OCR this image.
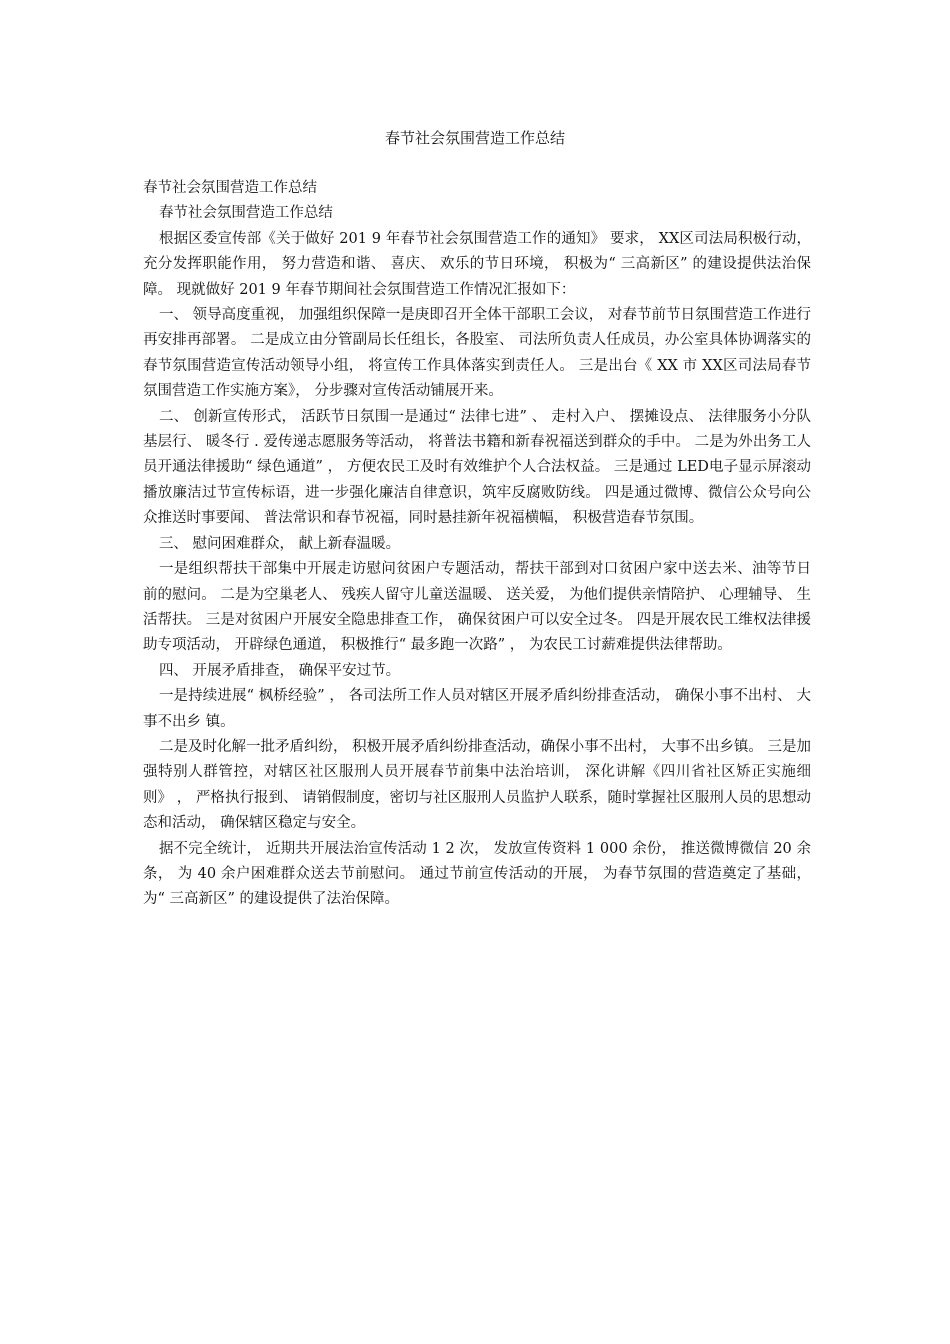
春节社会氛围营造工作总结

春节社会氛围营造工作总结

春节社会氛围营造工作总结

根据区委宣传部《关于做好 201 9 年春节社会氛围营造工作的通知》 要求， XX区司法局积极行动， 充分发挥职能作用， 努力营造和谐、 喜庆、 欢乐的节日环境， 积极为“ 三高新区” 的建设提供法治保障。 现就做好 201 9 年春节期间社会氛围营造工作情况汇报如下：

一、 领导高度重视， 加强组织保障一是庚即召开全体干部职工会议， 对春节前节日氛围营造工作进行再安排再部署。 二是成立由分管副局长任组长，各股室、 司法所负责人任成员，办公室具体协调落实的春节氛围营造宣传活动领导小组， 将宣传工作具体落实到责任人。 三是出台《 XX 市 XX区司法局春节氛围营造工作实施方案》， 分步骤对宣传活动铺展开来。

二、 创新宣传形式， 活跃节日氛围一是通过“ 法律七进” 、 走村入户、 摆摊设点、 法律服务小分队基层行、 暖冬行 . 爱传递志愿服务等活动， 将普法书籍和新春祝福送到群众的手中。 二是为外出务工人员开通法律援助“ 绿色通道” ， 方便农民工及时有效维护个人合法权益。 三是通过 LED电子显示屏滚动播放廉洁过节宣传标语，进一步强化廉洁自律意识，筑牢反腐败防线。 四是通过微博、微信公众号向公众推送时事要闻、 普法常识和春节祝福，同时悬挂新年祝福横幅， 积极营造春节氛围。

三、 慰问困难群众， 献上新春温暖。

一是组织帮扶干部集中开展走访慰问贫困户专题活动，帮扶干部到对口贫困户家中送去米、油等节日前的慰问。 二是为空巢老人、 残疾人留守儿童送温暖、 送关爱， 为他们提供亲情陪护、 心理辅导、 生活帮扶。 三是对贫困户开展安全隐患排查工作， 确保贫困户可以安全过冬。 四是开展农民工维权法律援助专项活动， 开辟绿色通道， 积极推行“ 最多跑一次路” ， 为农民工讨薪难提供法律帮助。

四、 开展矛盾排查， 确保平安过节。

一是持续进展“ 枫桥经验” ， 各司法所工作人员对辖区开展矛盾纠纷排查活动， 确保小事不出村、 大事不出乡 镇。

二是及时化解一批矛盾纠纷， 积极开展矛盾纠纷排查活动，确保小事不出村， 大事不出乡镇。 三是加强特别人群管控，对辖区社区服刑人员开展春节前集中法治培训， 深化讲解《四川省社区矫正实施细则》 ， 严格执行报到、 请销假制度，密切与社区服刑人员监护人联系，随时掌握社区服刑人员的思想动态和活动， 确保辖区稳定与安全。

据不完全统计， 近期共开展法治宣传活动 1 2 次， 发放宣传资料 1 000 余份， 推送微博微信 20 余条， 为 40 余户困难群众送去节前慰问。 通过节前宣传活动的开展， 为春节氛围的营造奠定了基础， 为“ 三高新区” 的建设提供了法治保障。
